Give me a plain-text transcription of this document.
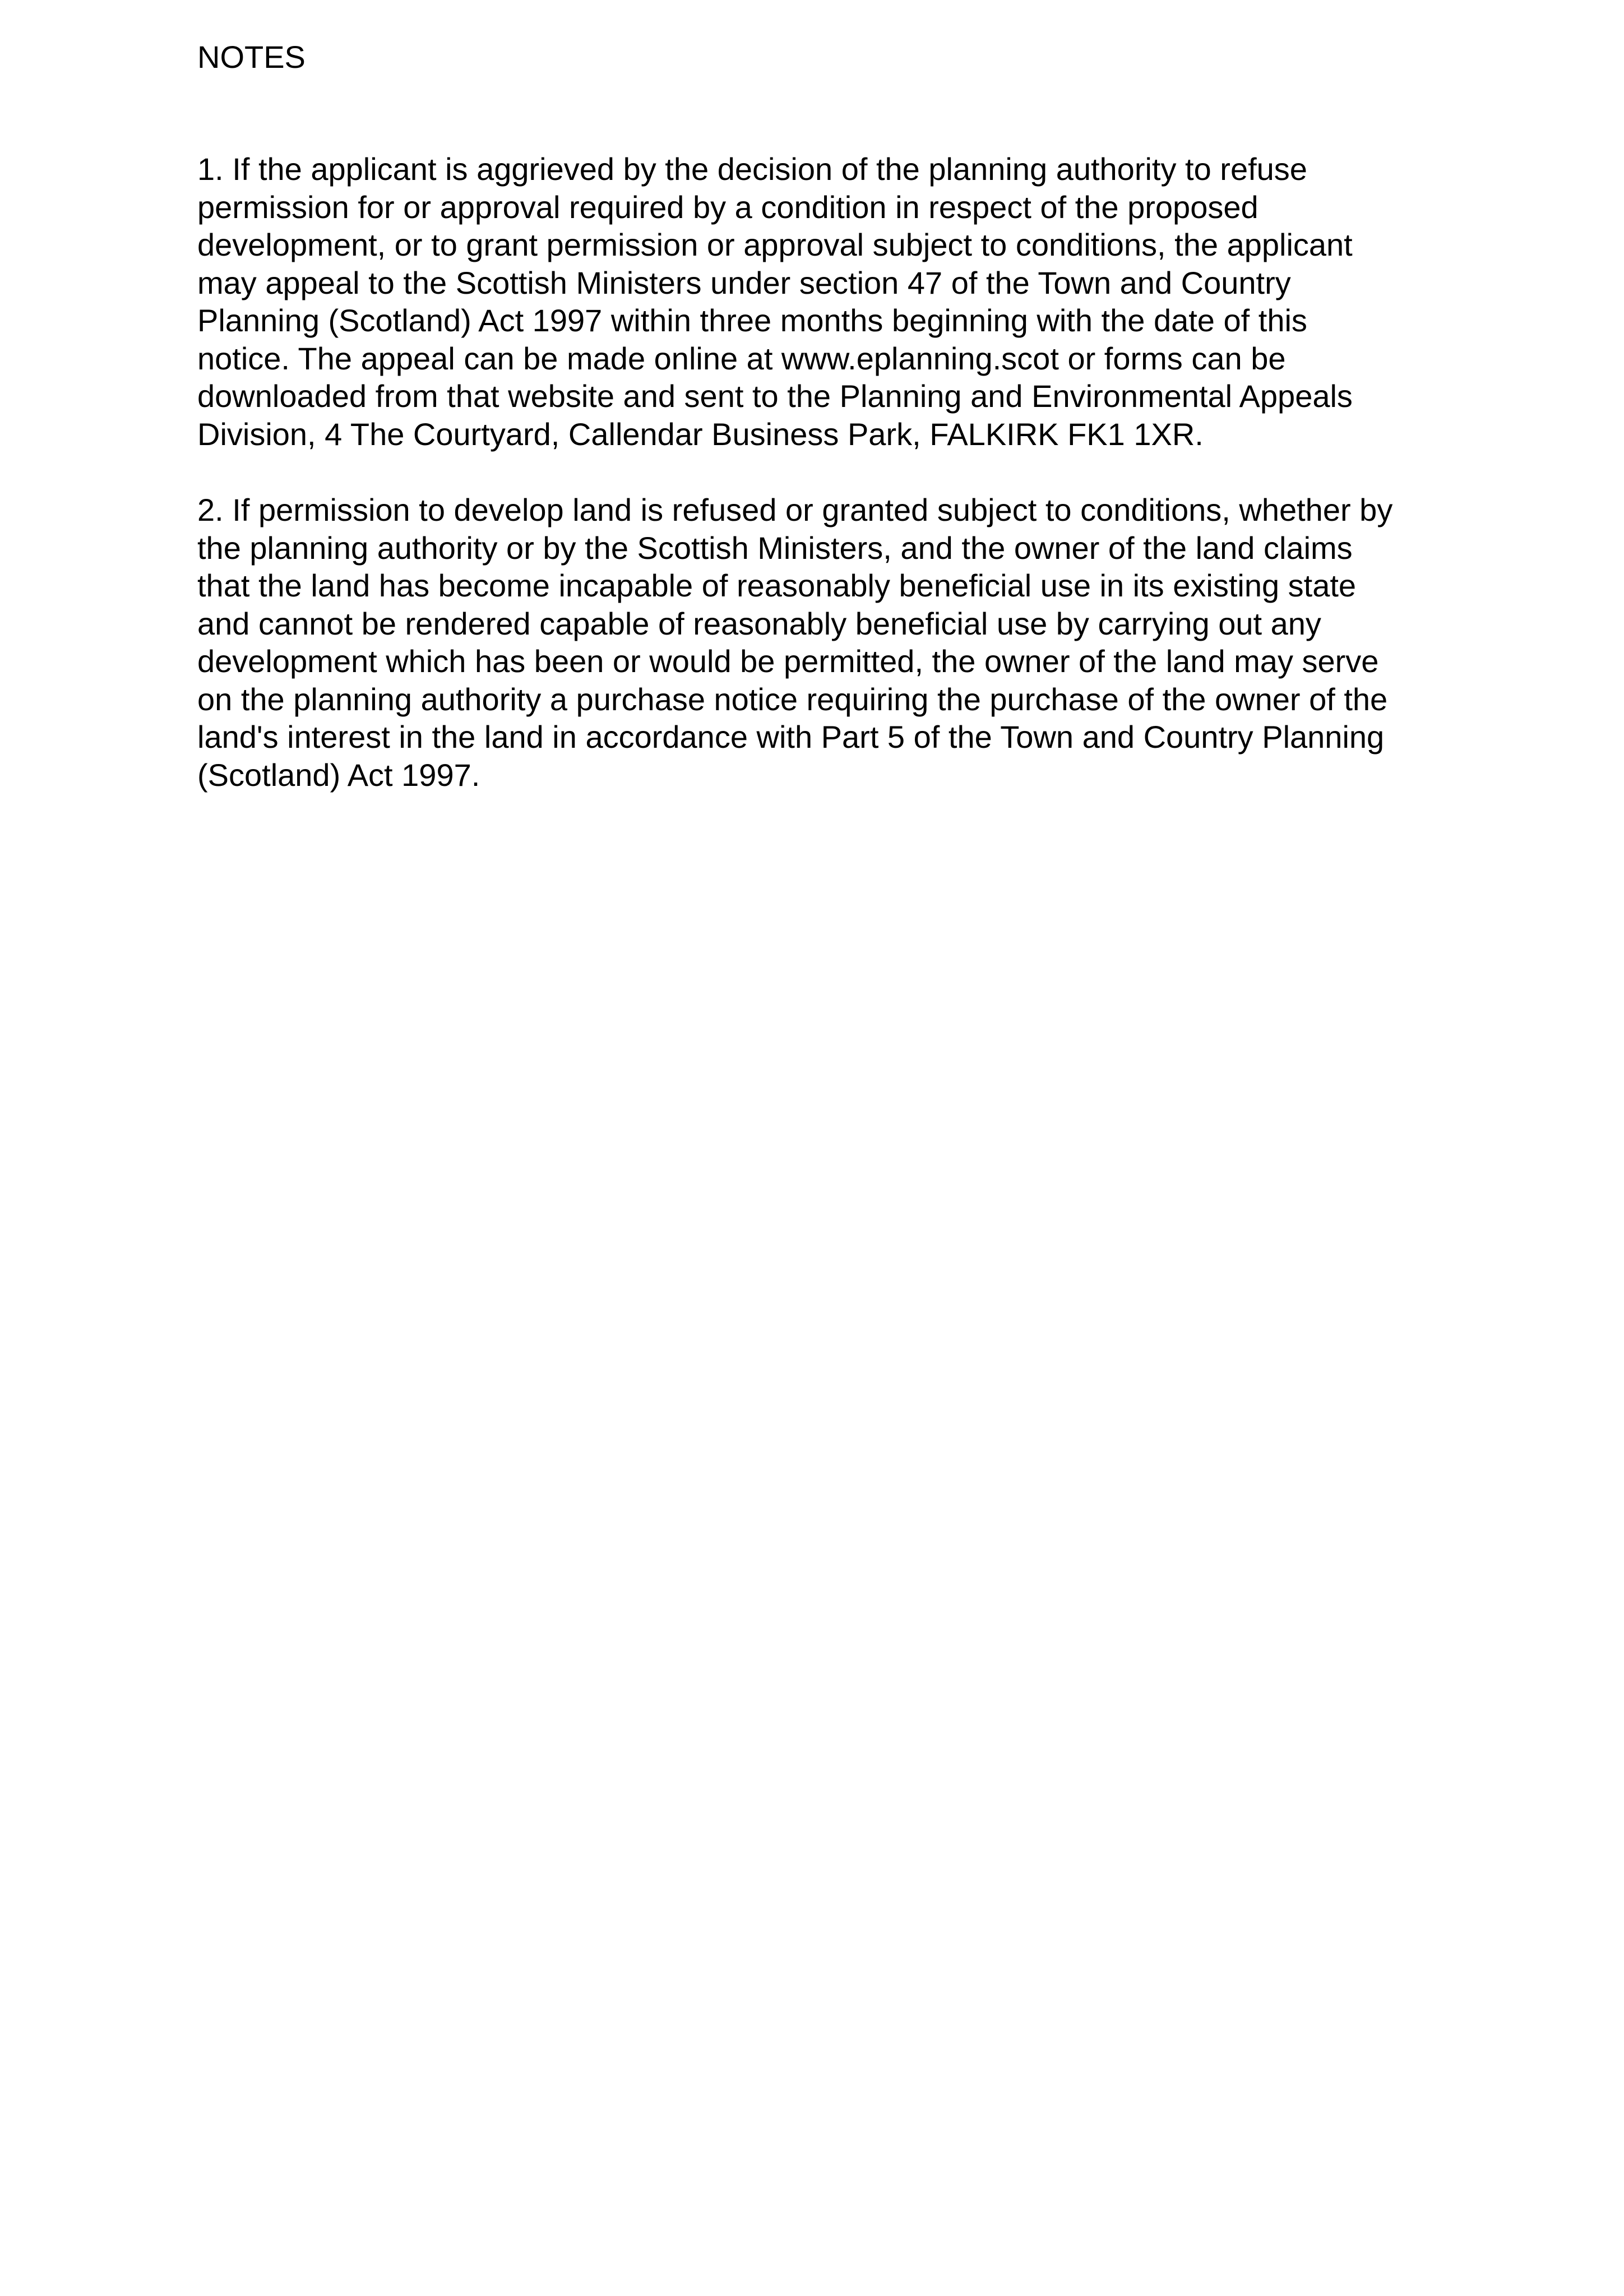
NOTES
1. If the applicant is aggrieved by the decision of the planning authority to refuse
permission for or approval required by a condition in respect of the proposed
development, or to grant permission or approval subject to conditions, the applicant
may appeal to the Scottish Ministers under section 47 of the Town and Country
Planning (Scotland) Act 1997 within three months beginning with the date of this
notice. The appeal can be made online at www.eplanning.scot or forms can be
downloaded from that website and sent to the Planning and Environmental Appeals
Division, 4 The Courtyard, Callendar Business Park, FALKIRK FK1 1XR.
2. If permission to develop land is refused or granted subject to conditions, whether by
the planning authority or by the Scottish Ministers, and the owner of the land claims
that the land has become incapable of reasonably beneficial use in its existing state
and cannot be rendered capable of reasonably beneficial use by carrying out any
development which has been or would be permitted, the owner of the land may serve
on the planning authority a purchase notice requiring the purchase of the owner of the
land's interest in the land in accordance with Part 5 of the Town and Country Planning
(Scotland) Act 1997.
